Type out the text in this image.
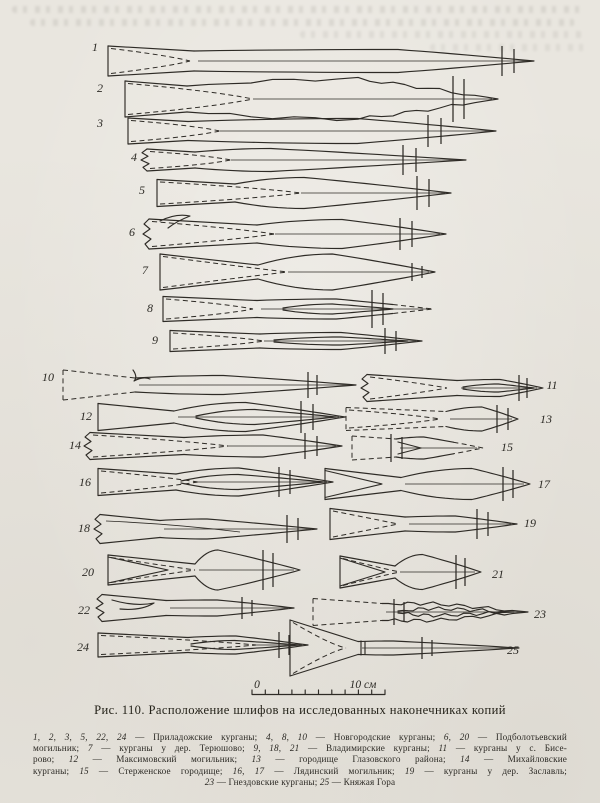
1
2
3
4
5
6
7
8
9
10
11
12	13
14	15
16	17
18	19
20	21
22	23
24	25
0	10 см
Рис. 110. Расположение шлифов на исследованных наконечниках копий
1, 2, 3, 5, 22, 24 — Приладожские курганы; 4, 8, 10 — Новгородские курганы; 6, 20 — Подболотьевский
могильник; 7 — курганы у дер. Терюшово; 9, 18, 21 — Владимирские курганы; 11 — курганы у с. Бисе-
рово; 12 — Максимовский могильник; 13 — городище Глазовского района; 14 — Михайловские
курганы; 15 — Стерженское городище; 16, 17 — Лядинский могильник; 19 — курганы у дер. Заславль;
23 — Гнездовские курганы; 25 — Княжая Гора
